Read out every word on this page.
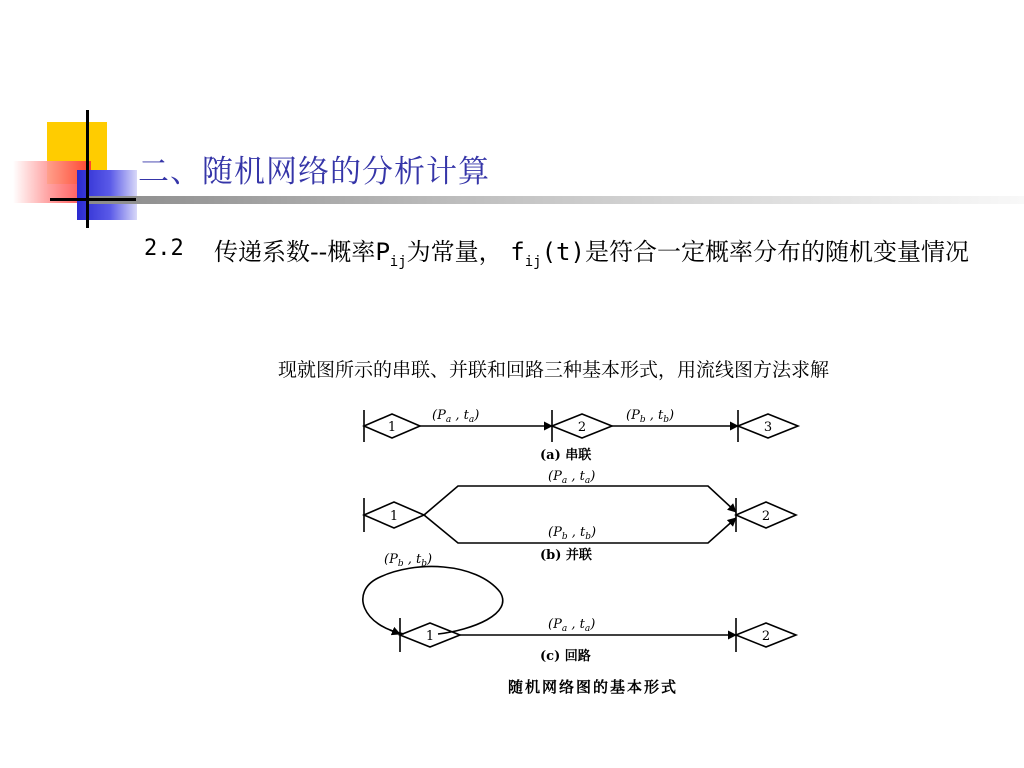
二、随机网络的分析计算
2.2 传递系数--概率$P_{ij}$为常量， $f_{ij}(t)$是符合一定概率分布的随机变量情况
现就图所示的串联、并联和回路三种基本形式，用流线图方法求解
1	2	3
1	2
1	2
($P_a$ , $t_a$)	($P_b$ , $t_b$)
($P_a$ , $t_a$)
($P_b$ , $t_b$)
($P_b$ , $t_b$)
($P_a$ , $t_a$)
(a) 串联
(b) 并联
(c) 回路
随机网络图的基本形式
